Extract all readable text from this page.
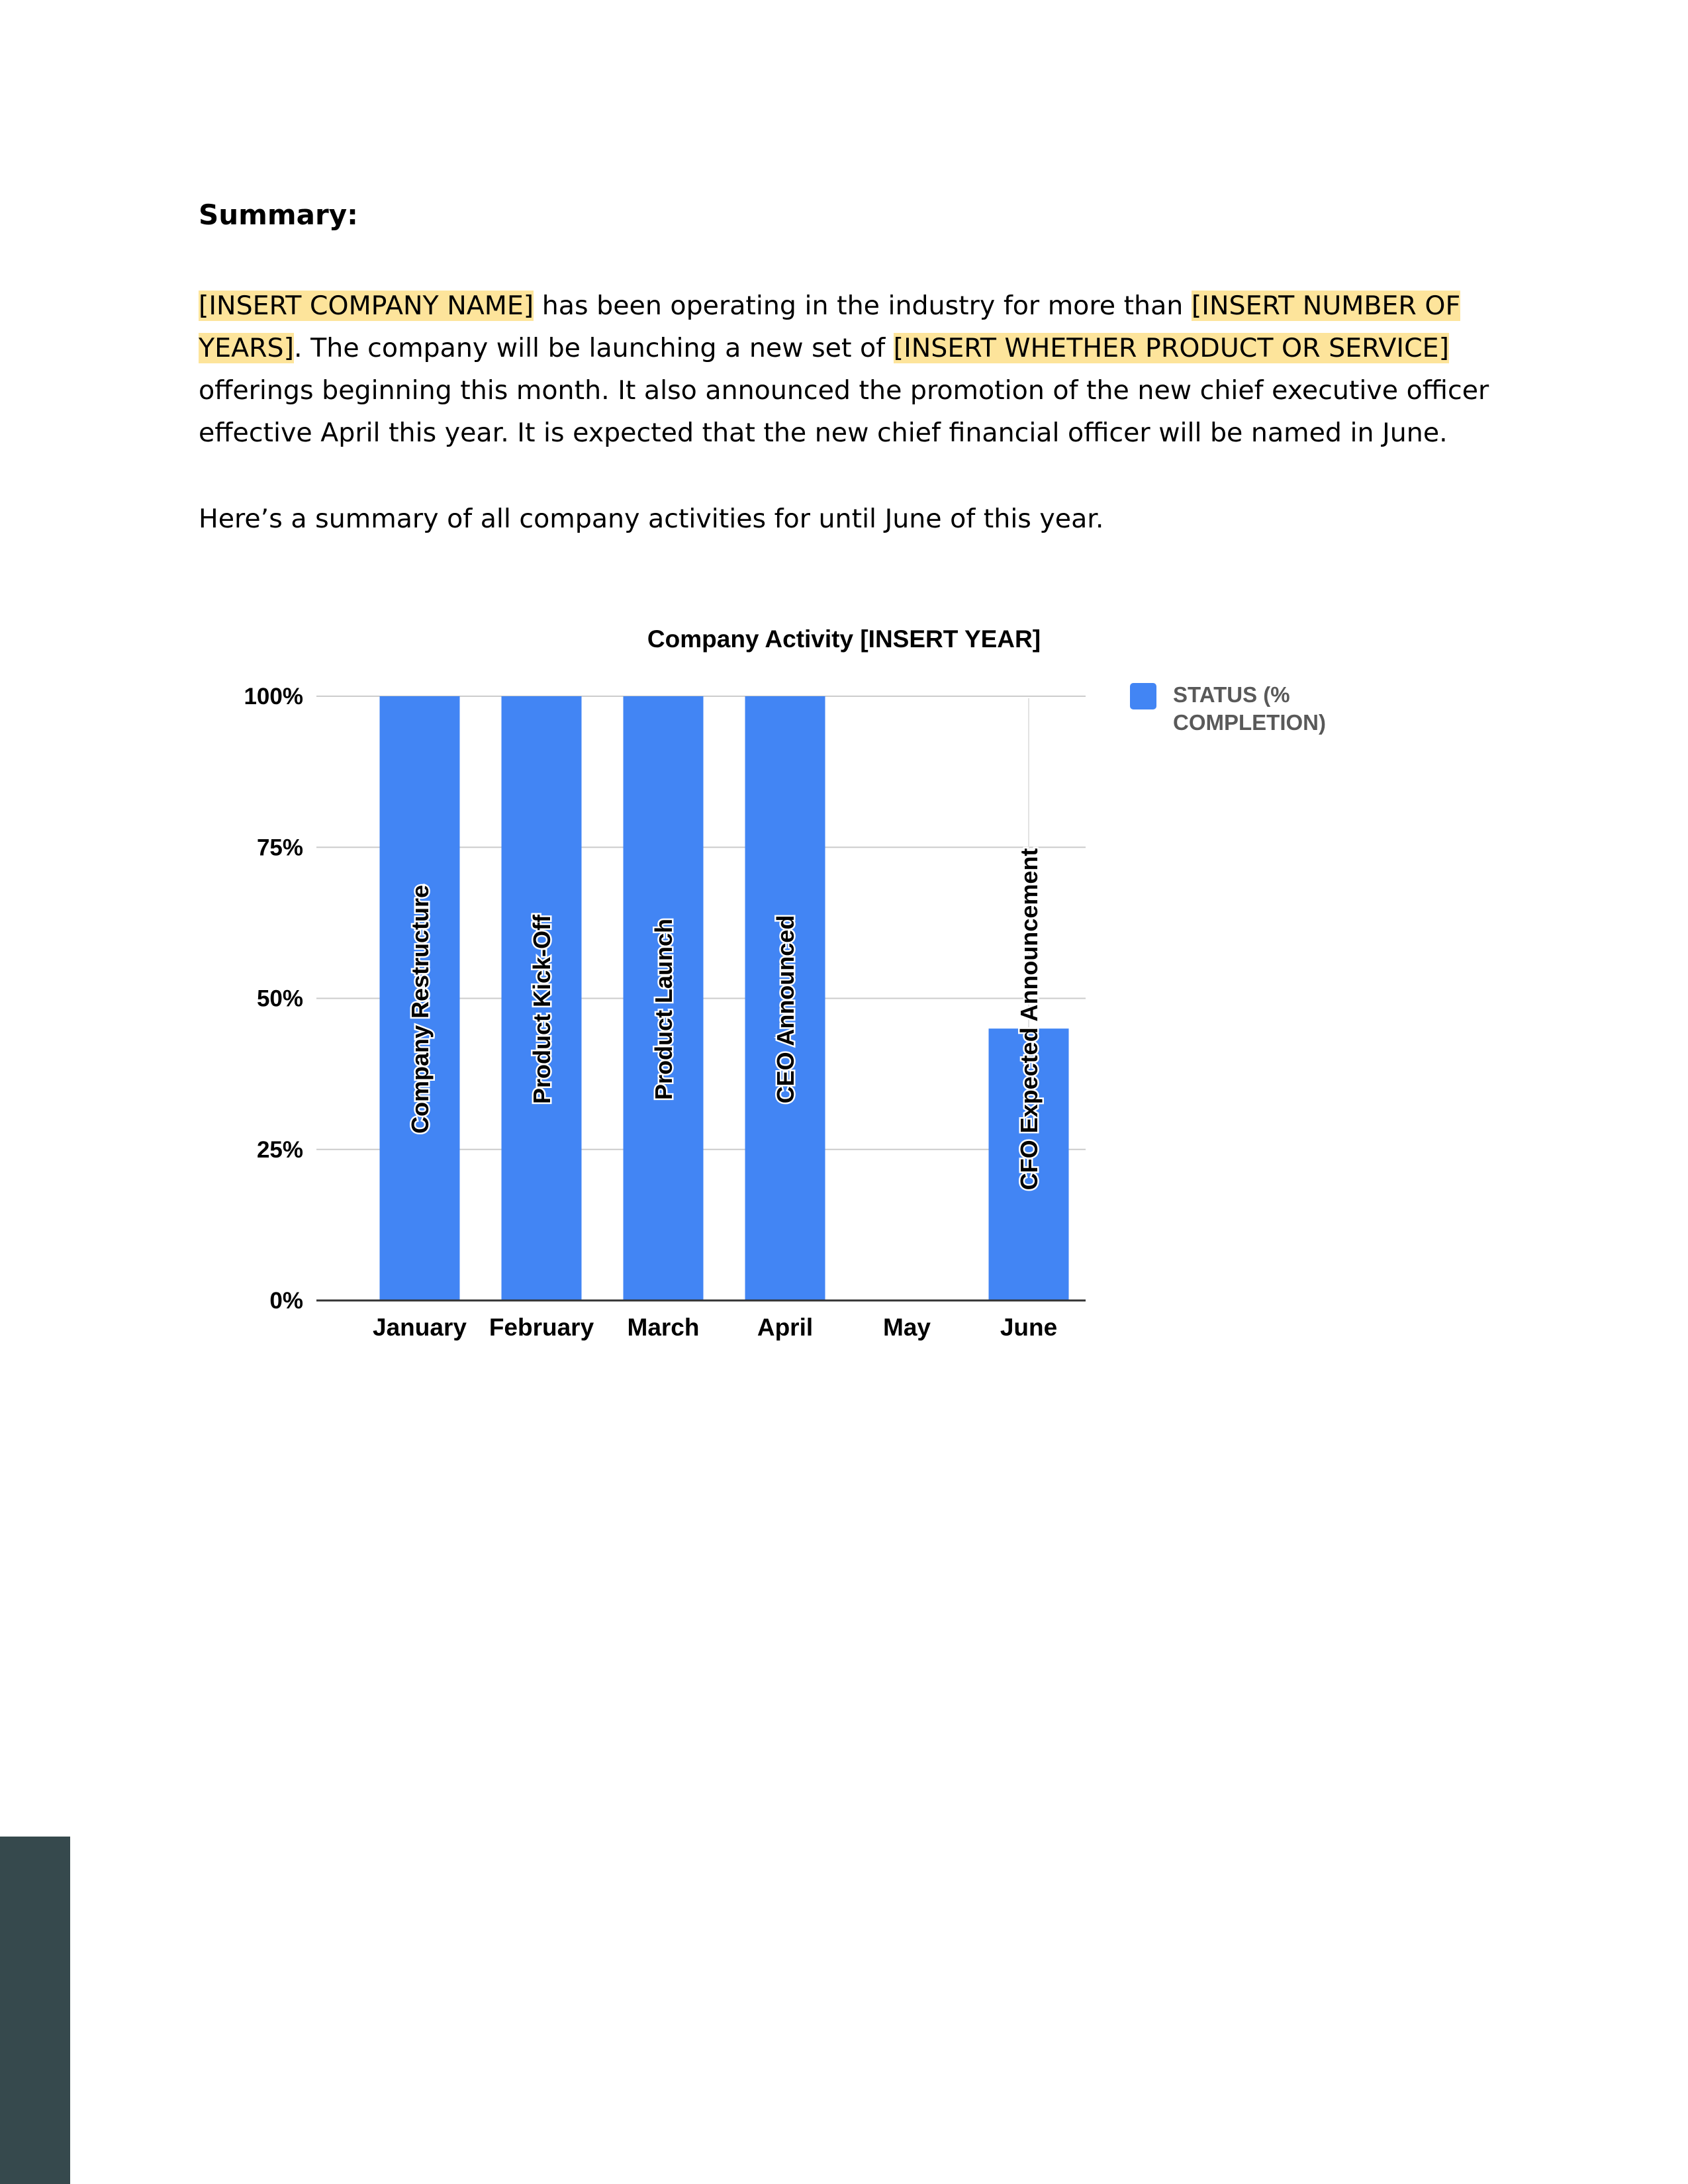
Summary:

[INSERT COMPANY NAME] has been operating in the industry for more than [INSERT NUMBER OF YEARS]. The company will be launching a new set of [INSERT WHETHER PRODUCT OR SERVICE] offerings beginning this month. It also announced the promotion of the new chief executive officer effective April this year. It is expected that the new chief financial officer will be named in June.

Here’s a summary of all company activities for until June of this year.

Company Restructure	Product Kick-Off	Product Launch	CEO Announced	CFO Expected Announcement
0%
25%
50%
75%
100%
January February March April	May	June
Company Activity [INSERT YEAR]
STATUS (% COMPLETION)
